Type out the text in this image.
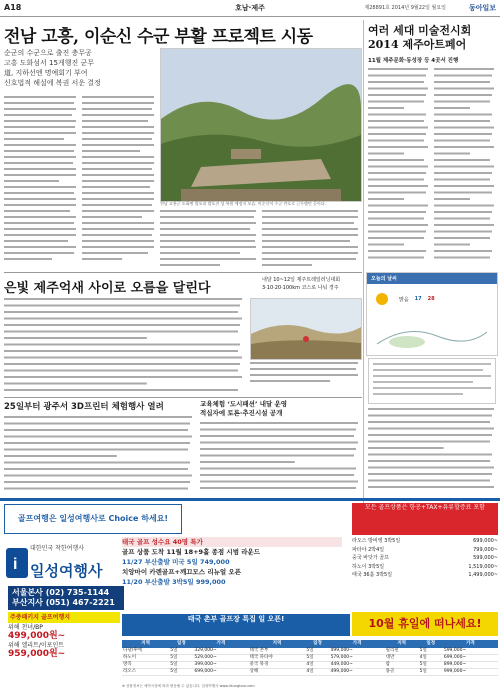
A18	호남·제주	제28891호 2014년 9월22일 월요일	동아일보
전남 고흥, 이순신 수군 부활 프로젝트 시동
순군의 수군으로 출진 충무공
고흥 도화섬서 15게행진 군무
道, 지하선엔 명예회기 부여
신호법적 해설에 복권 서운 결정
전남 고흥군 도화면 발포리 발포진 성 복원 예정지 모습. 이순신이 수군 만호로 근무했던 곳이다.
여러 세대 미술전시회
2014 제주아트페어
11월 제주문화·동성장 등 4곳서 진행
은빛 제주억새 사이로 오름을 달린다
내달 10~12일 제주트레일러닝대회
3·10·20·100km 코스로 나눠 경주
오늘의 날씨
맑음 17 28
25일부터 광주서 3D프린터 체험행사 열려	교육체험 ‘도시패션’ 내달 운영
적십자에 토론·추진시설 공개
골프여행은 일성여행사로 Choice 하세요!
모든 골프상품은 항공+TAX+유류할증료 포함
대한민국 착한여행사
i 일성여행사
서울본사 (02) 735-1144
부산지사 (051) 467-2221
주중패키지 골프여행지
위해 천녀/BP
499,000원~
위해 엘리트/이포인트
959,000원~
태국 골프 성수요 40명 특가
골프 상품 도착 11월 18+9홀 종점 시범 라운드
11/27 부산출발 미국 5일 749,000
치앙마이 카렌골프+깨끄모스 리뉴얼 오픈
11/20 부산출발 3박5일 999,000
태국 촌부 골프장 특집 일 오픈!
라오스 방비엥 3박5일	699,000~
파타야 2박4일	799,000~
중국 바닷가 골프	599,000~
하노이 3박5일	1,519,000~
태국 36홀 3박5일	1,499,000~
10월 휴일에 떠나세요!
지역	일정	가격	지역	일정	가격	지역	일정	가격
다낭/후에	5일	329,000~	태국 촌부	5일	499,000~	필리핀	5일	599,000~
하노이	5일	529,000~	태국 파타야	5일	579,000~	대만	4일	699,000~
방콕	5일	399,000~	중국 북경	4일	449,000~	괌	5일	899,000~
라오스	5일	699,000~	상해	4일	499,000~	몽골	5일	999,000~
※ 상품정보는 예약시점에 따라 변동될 수 있습니다. 일성여행사 www.ilsungtour.com
